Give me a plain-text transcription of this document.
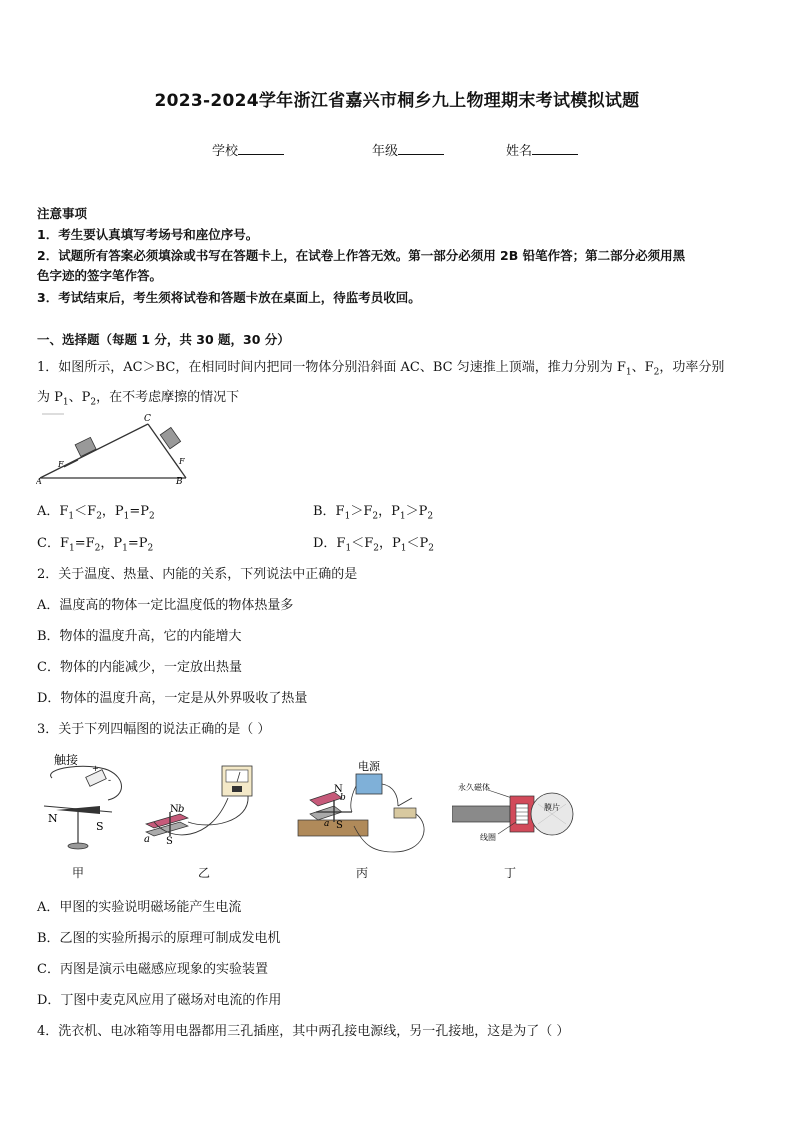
2023-2024学年浙江省嘉兴市桐乡九上物理期末考试模拟试题
学校	年级	姓名
注意事项
1．考生要认真填写考场号和座位序号。
2．试题所有答案必须填涂或书写在答题卡上，在试卷上作答无效。第一部分必须用 2B 铅笔作答；第二部分必须用黑
色字迹的签字笔作答。
3．考试结束后，考生须将试卷和答题卡放在桌面上，待监考员收回。
一、选择题（每题 1 分，共 30 题，30 分）
1．如图所示，AC＞BC，在相同时间内把同一物体分别沿斜面 AC、BC 匀速推上顶端，推力分别为 $F_1$、$F_2$，功率分别
为 $P_1$、$P_2$，在不考虑摩擦的情况下
C
A	B
F	F
A．$F_1<F_2$，$P_1=P_2$	B．$F_1>F_2$，$P_1>P_2$
C．$F_1=F_2$，$P_1=P_2$	D．$F_1<F_2$，$P_1<P_2$
2．关于温度、热量、内能的关系，下列说法中正确的是
A．温度高的物体一定比温度低的物体热量多
B．物体的温度升高，它的内能增大
C．物体的内能减少，一定放出热量
D．物体的温度升高，一定是从外界吸收了热量
3．关于下列四幅图的说法正确的是（ ）
触接
+
-
N
S
甲
N
S
a
b
乙
电源
N
S
a
b
丙
永久磁体
膜片
线圈
丁
A．甲图的实验说明磁场能产生电流
B．乙图的实验所揭示的原理可制成发电机
C．丙图是演示电磁感应现象的实验装置
D．丁图中麦克风应用了磁场对电流的作用
4．洗衣机、电冰箱等用电器都用三孔插座，其中两孔接电源线，另一孔接地，这是为了（ ）
